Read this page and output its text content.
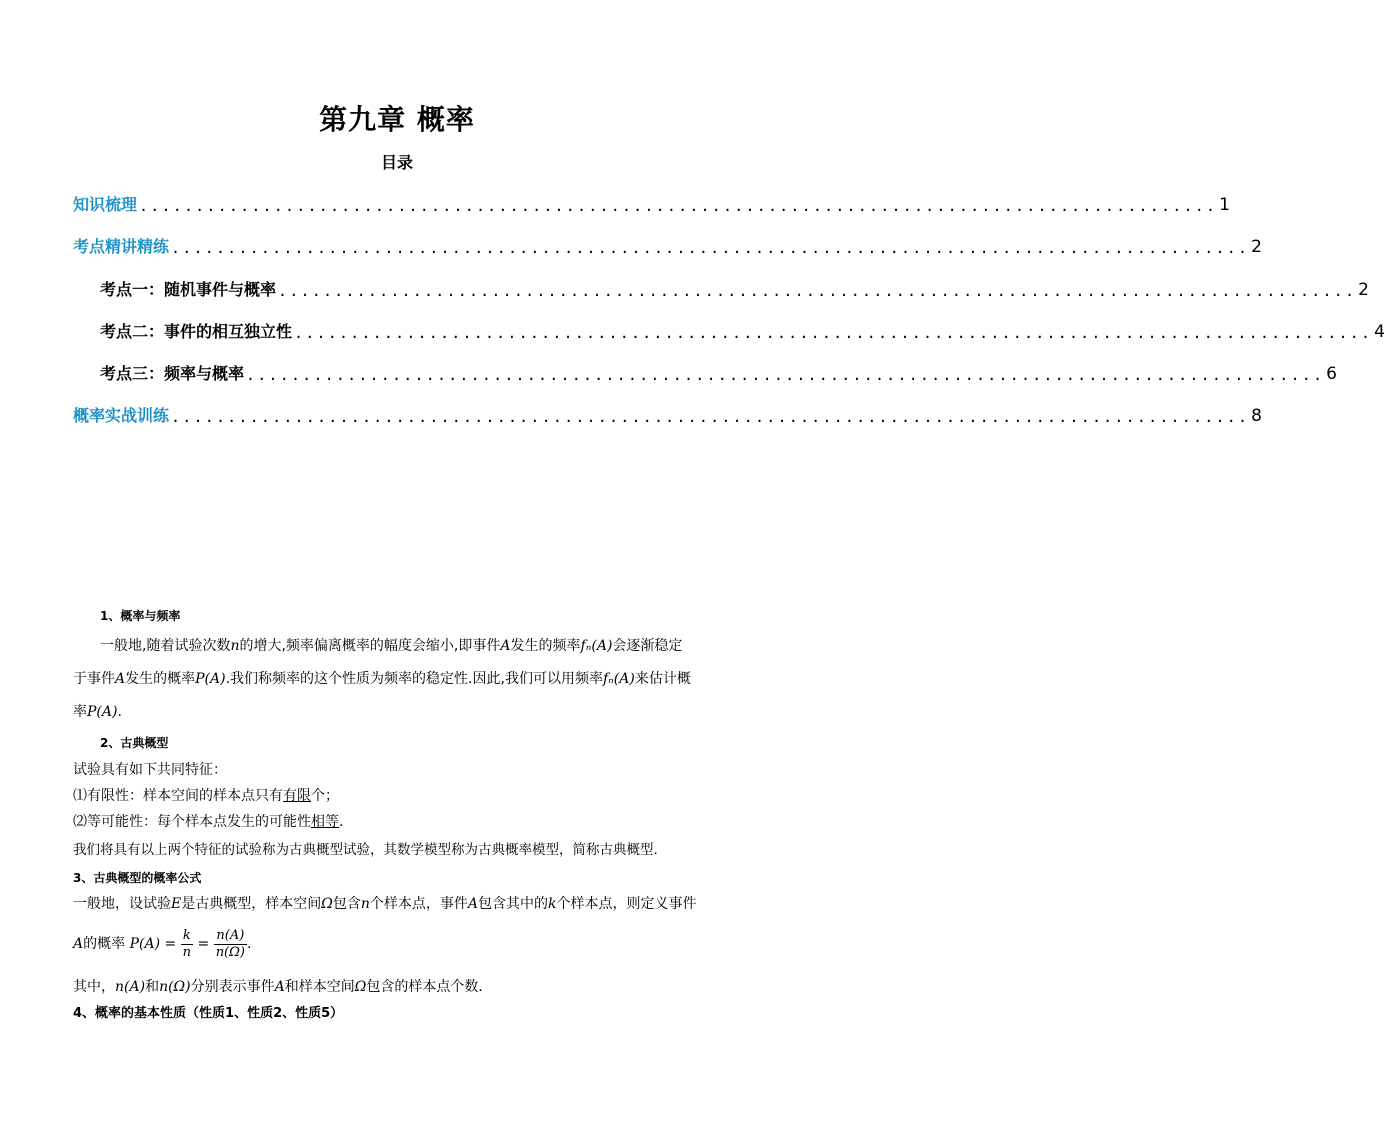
第九章 概率
目录
知识梳理 ................................................................................................ 1
考点精讲精练 ................................................................................................ 2
考点一：随机事件与概率 ................................................................................................ 2
考点二：事件的相互独立性 ................................................................................................ 4
考点三：频率与概率 ................................................................................................ 6
概率实战训练 ................................................................................................ 8
1、概率与频率
一般地,随着试验次数n的增大,频率偏离概率的幅度会缩小,即事件A发生的频率fₙ(A)会逐渐稳定
于事件A发生的概率P(A).我们称频率的这个性质为频率的稳定性.因此,我们可以用频率fₙ(A)来估计概
率P(A).
2、古典概型
试验具有如下共同特征：
⑴有限性：样本空间的样本点只有有限个；
⑵等可能性：每个样本点发生的可能性相等.
我们将具有以上两个特征的试验称为古典概型试验，其数学模型称为古典概率模型，简称古典概型．
3、古典概型的概率公式
一般地，设试验E是古典概型，样本空间Ω包含n个样本点，事件A包含其中的k个样本点，则定义事件
A的概率 $P(A) = \frac{k}{n} = \frac{n(A)}{n(\Omega)}$ .
其中，n(A)和n(Ω)分别表示事件A和样本空间Ω包含的样本点个数．
4、概率的基本性质（性质1、性质2、性质5）
